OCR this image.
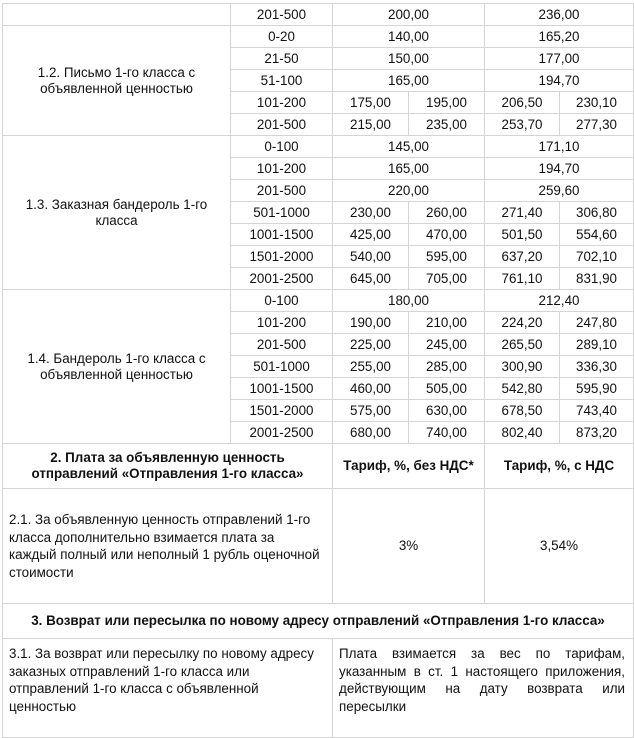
	201-500	200,00		236,00	
1.2. Письмо 1-го класса с объявленной ценностью	0-20	140,00		165,20	
	21-50	150,00		177,00	
	51-100	165,00		194,70	
	101-200	175,00	195,00	206,50	230,10
	201-500	215,00	235,00	253,70	277,30
1.3. Заказная бандероль 1-го класса	0-100	145,00		171,10	
	101-200	165,00		194,70	
	201-500	220,00		259,60	
	501-1000	230,00	260,00	271,40	306,80
	1001-1500	425,00	470,00	501,50	554,60
	1501-2000	540,00	595,00	637,20	702,10
	2001-2500	645,00	705,00	761,10	831,90
1.4. Бандероль 1-го класса с объявленной ценностью	0-100	180,00		212,40	
	101-200	190,00	210,00	224,20	247,80
	201-500	225,00	245,00	265,50	289,10
	501-1000	255,00	285,00	300,90	336,30
	1001-1500	460,00	505,00	542,80	595,90
	1501-2000	575,00	630,00	678,50	743,40
	2001-2500	680,00	740,00	802,40	873,20
2. Плата за объявленную ценность отправлений «Отправления 1-го класса»		Тариф, %, без НДС*		Тариф, %, с НДС	
2.1. За объявленную ценность отправлений 1-го класса дополнительно взимается плата за каждый полный или неполный 1 рубль оценочной стоимости		3%		3,54%	
3. Возврат или пересылка по новому адресу отправлений «Отправления 1-го класса»					
3.1. За возврат или пересылку по новому адресу заказных отправлений 1-го класса или отправлений 1-го класса с объявленной ценностью		Плата взимается за вес по тарифам, указанным в ст. 1 настоящего приложения, действующим на дату возврата или пересылки			
